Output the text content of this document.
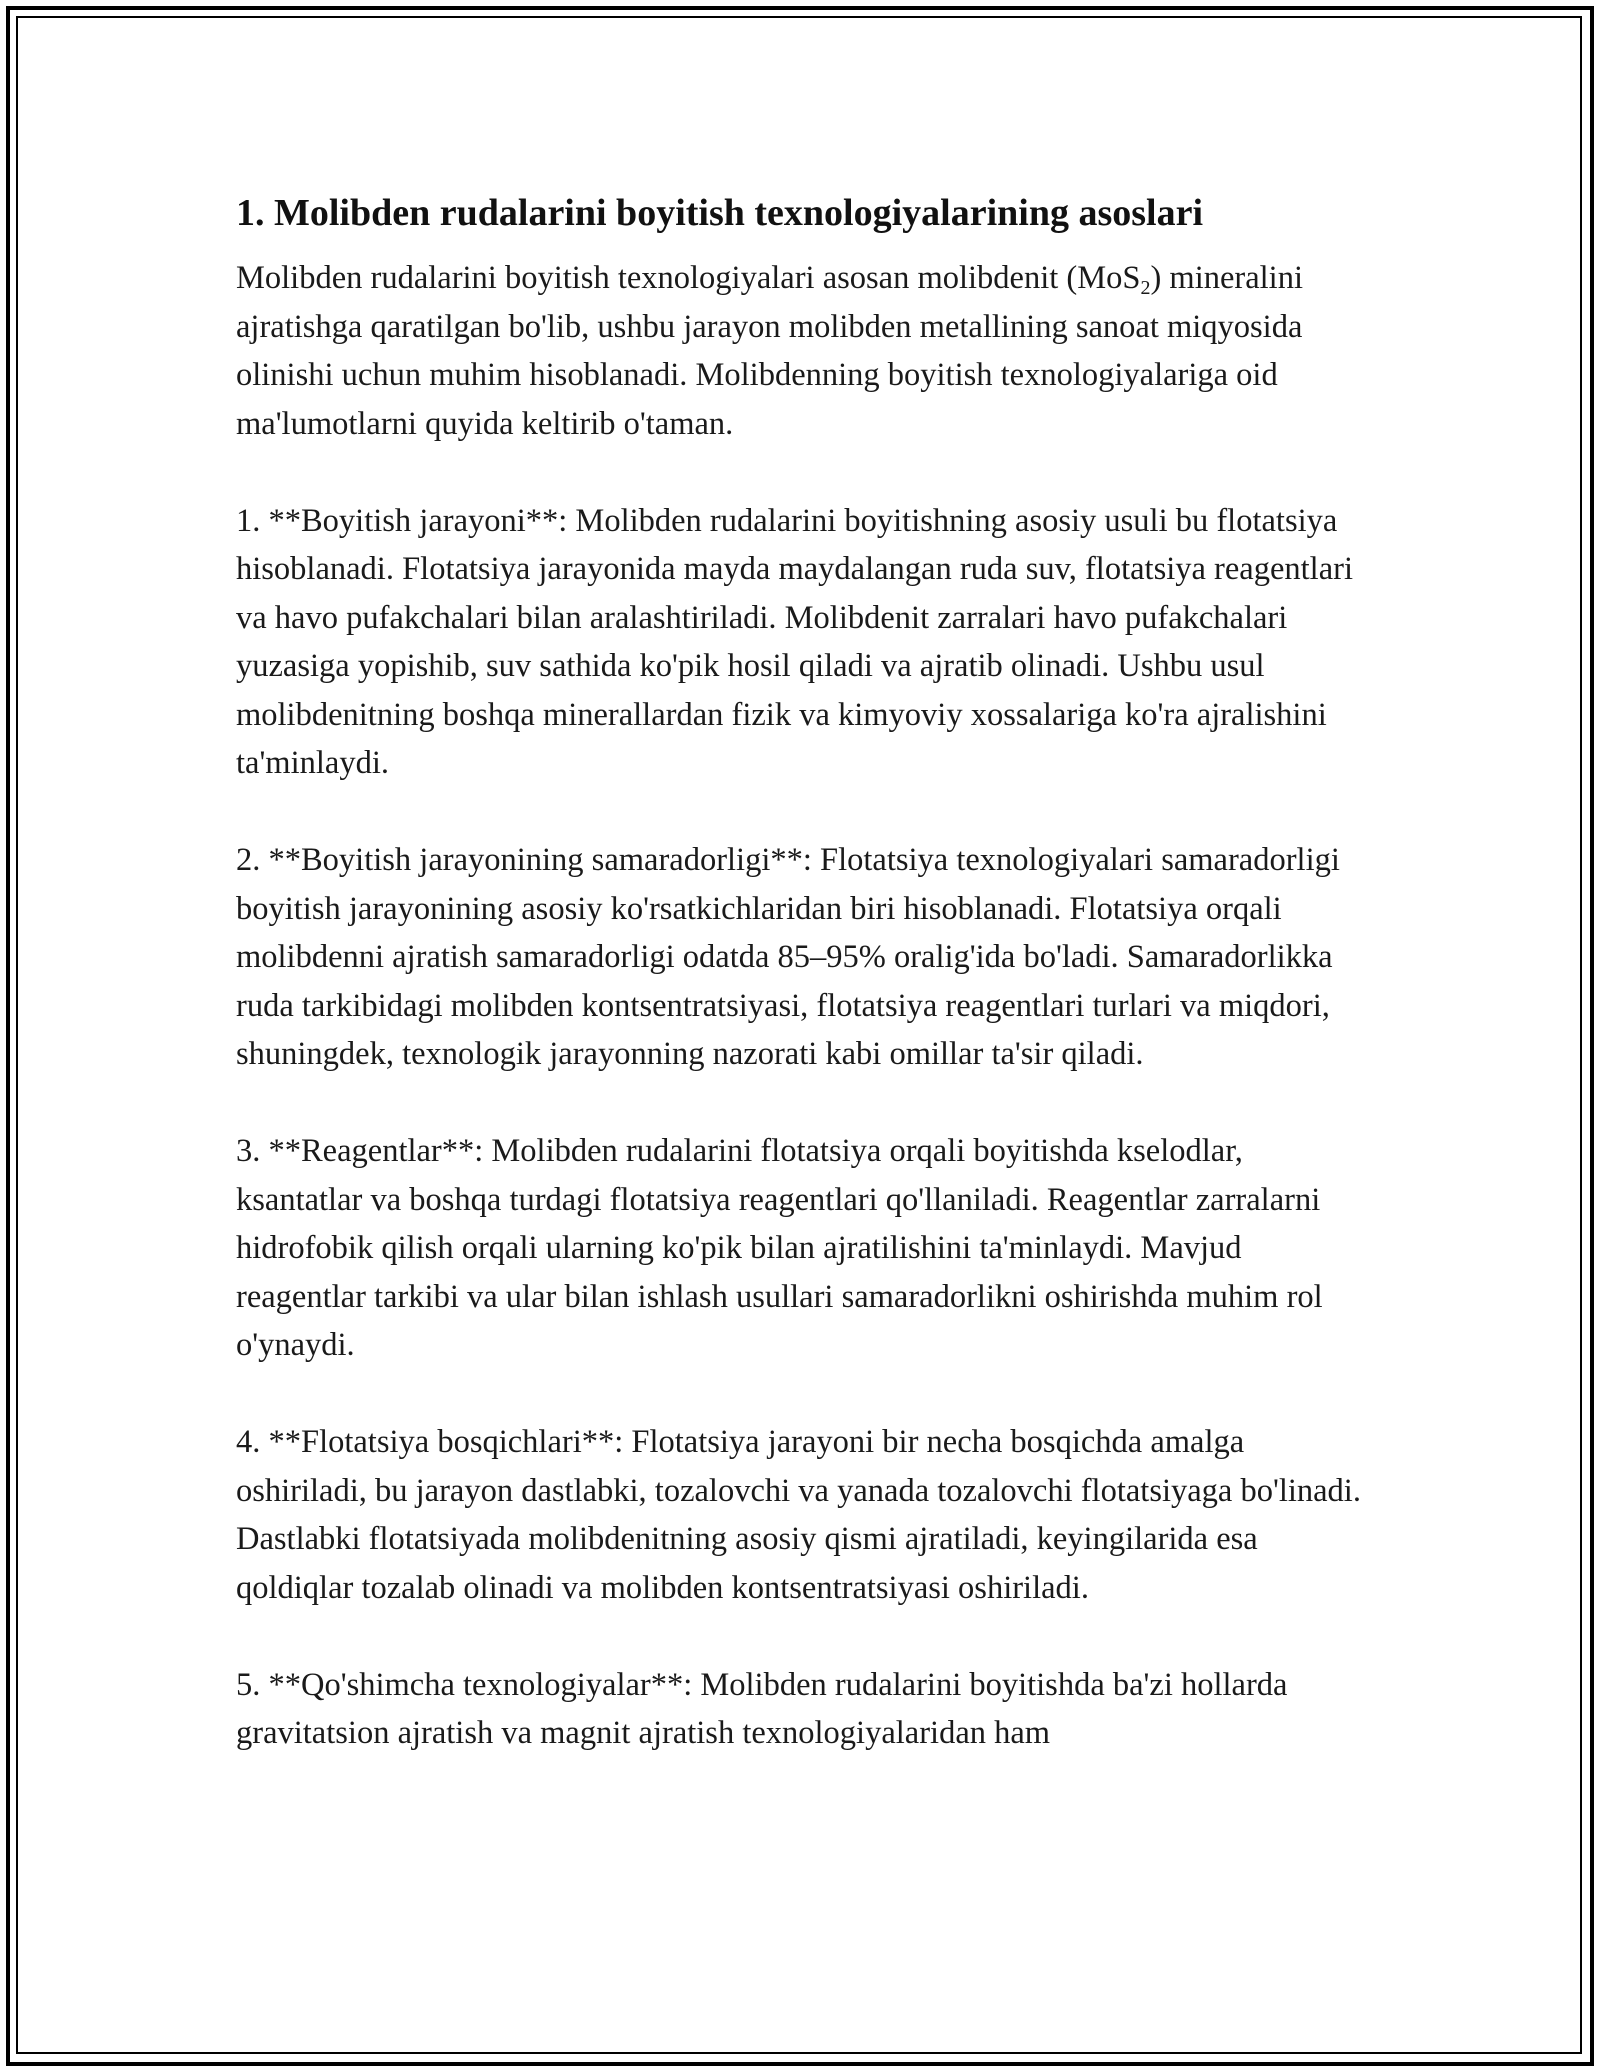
1. Molibden rudalarini boyitish texnologiyalarining asoslari

Molibden rudalarini boyitish texnologiyalari asosan molibdenit (MoS$_2$) mineralini ajratishga qaratilgan bo'lib, ushbu jarayon molibden metallining sanoat miqyosida olinishi uchun muhim hisoblanadi. Molibdenning boyitish texnologiyalariga oid ma'lumotlarni quyida keltirib o'taman.

1. **Boyitish jarayoni**: Molibden rudalarini boyitishning asosiy usuli bu flotatsiya hisoblanadi. Flotatsiya jarayonida mayda maydalangan ruda suv, flotatsiya reagentlari va havo pufakchalari bilan aralashtiriladi. Molibdenit zarralari havo pufakchalari yuzasiga yopishib, suv sathida ko'pik hosil qiladi va ajratib olinadi. Ushbu usul molibdenitning boshqa minerallardan fizik va kimyoviy xossalariga ko'ra ajralishini ta'minlaydi.

2. **Boyitish jarayonining samaradorligi**: Flotatsiya texnologiyalari samaradorligi boyitish jarayonining asosiy ko'rsatkichlaridan biri hisoblanadi. Flotatsiya orqali molibdenni ajratish samaradorligi odatda 85–95% oralig'ida bo'ladi. Samaradorlikka ruda tarkibidagi molibden kontsentratsiyasi, flotatsiya reagentlari turlari va miqdori, shuningdek, texnologik jarayonning nazorati kabi omillar ta'sir qiladi.

3. **Reagentlar**: Molibden rudalarini flotatsiya orqali boyitishda kselodlar, ksantatlar va boshqa turdagi flotatsiya reagentlari qo'llaniladi. Reagentlar zarralarni hidrofobik qilish orqali ularning ko'pik bilan ajratilishini ta'minlaydi. Mavjud reagentlar tarkibi va ular bilan ishlash usullari samaradorlikni oshirishda muhim rol o'ynaydi.

4. **Flotatsiya bosqichlari**: Flotatsiya jarayoni bir necha bosqichda amalga oshiriladi, bu jarayon dastlabki, tozalovchi va yanada tozalovchi flotatsiyaga bo'linadi. Dastlabki flotatsiyada molibdenitning asosiy qismi ajratiladi, keyingilarida esa qoldiqlar tozalab olinadi va molibden kontsentratsiyasi oshiriladi.

5. **Qo'shimcha texnologiyalar**: Molibden rudalarini boyitishda ba'zi hollarda gravitatsion ajratish va magnit ajratish texnologiyalaridan ham
